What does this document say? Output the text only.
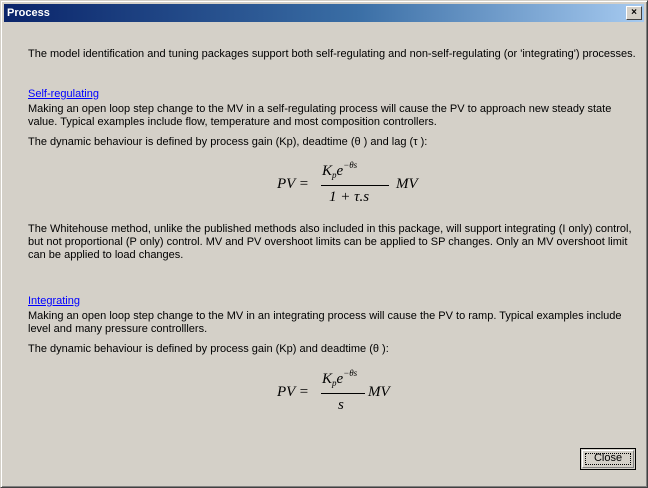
Process	×
The model identification and tuning packages support both self-regulating and non-self-regulating (or 'integrating') processes.
Self-regulating
Making an open loop step change to the MV in a self-regulating process will cause the PV to approach new steady state
value. Typical examples include flow, temperature and most composition controllers.
The dynamic behaviour is defined by process gain (Kp), deadtime (θ ) and lag (τ ):
PV =
$K_pe^{-\theta s}$
1 + τ.s
MV
The Whitehouse method, unlike the published methods also included in this package, will support integrating (I only) control,
but not proportional (P only) control. MV and PV overshoot limits can be applied to SP changes. Only an MV overshoot limit
can be applied to load changes.
Integrating
Making an open loop step change to the MV in an integrating process will cause the PV to ramp. Typical examples include
level and many pressure controlllers.
The dynamic behaviour is defined by process gain (Kp) and deadtime (θ ):
PV =
$K_pe^{-\theta s}$
s
MV
Close
